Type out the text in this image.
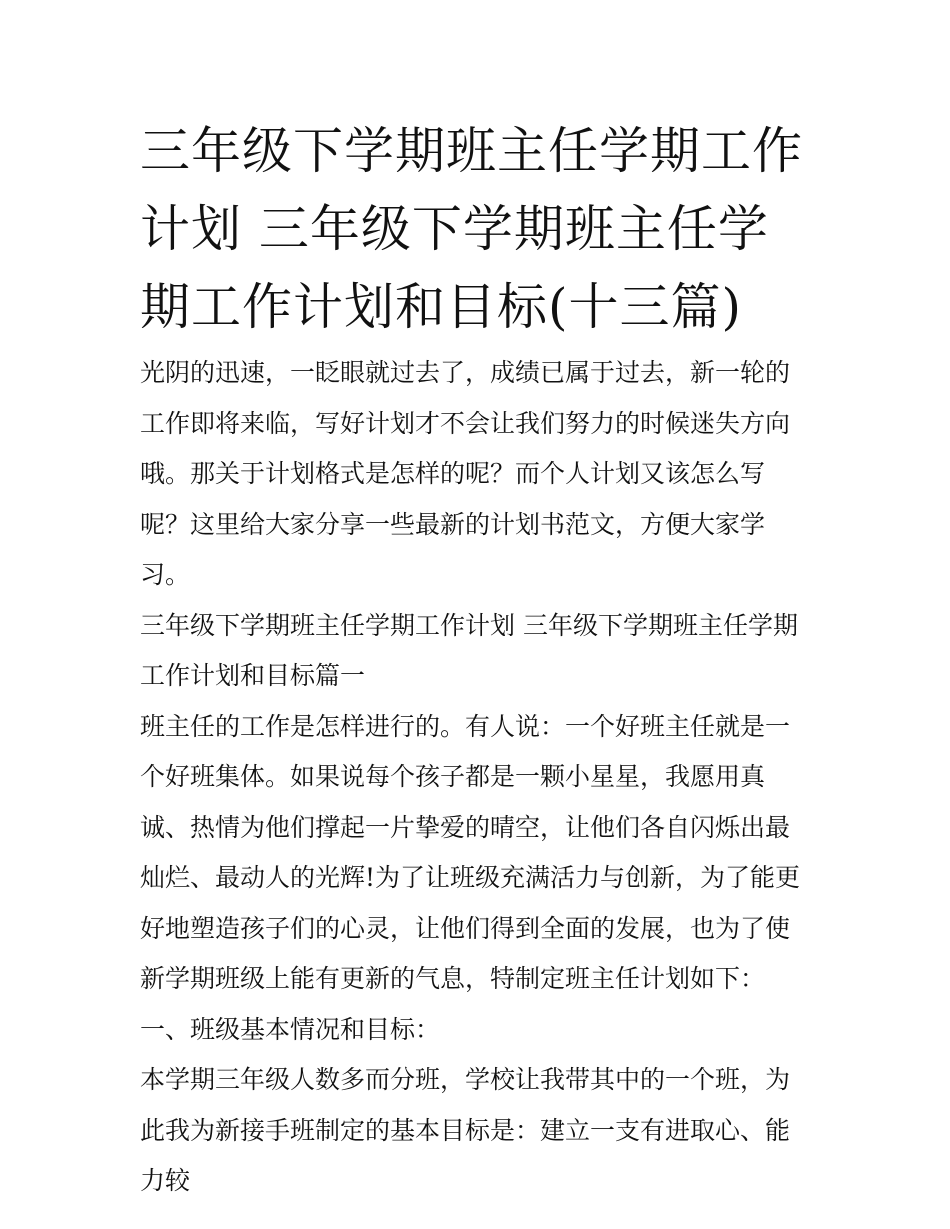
三年级下学期班主任学期工作计划 三年级下学期班主任学期工作计划和目标(十三篇)

光阴的迅速，一眨眼就过去了，成绩已属于过去，新一轮的工作即将来临，写好计划才不会让我们努力的时候迷失方向哦。那关于计划格式是怎样的呢？而个人计划又该怎么写呢？这里给大家分享一些最新的计划书范文，方便大家学习。

三年级下学期班主任学期工作计划 三年级下学期班主任学期工作计划和目标篇一

班主任的工作是怎样进行的。有人说：一个好班主任就是一个好班集体。如果说每个孩子都是一颗小星星，我愿用真诚、热情为他们撑起一片挚爱的晴空，让他们各自闪烁出最灿烂、最动人的光辉!为了让班级充满活力与创新，为了能更好地塑造孩子们的心灵，让他们得到全面的发展，也为了使新学期班级上能有更新的气息，特制定班主任计划如下：

一、班级基本情况和目标：

本学期三年级人数多而分班，学校让我带其中的一个班，为此我为新接手班制定的基本目标是：建立一支有进取心、能力较
